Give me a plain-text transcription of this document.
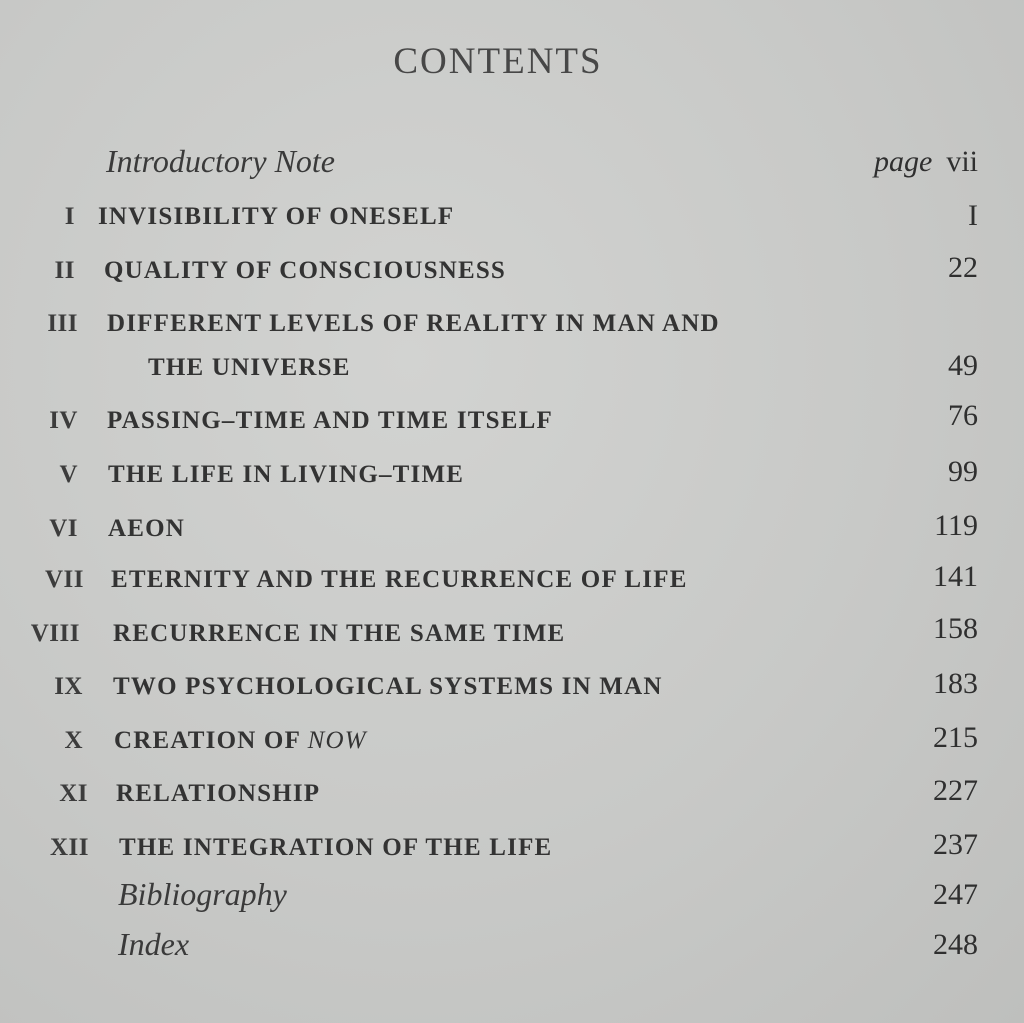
CONTENTS
Introductory Note	page vii
I INVISIBILITY OF ONESELF	I
II QUALITY OF CONSCIOUSNESS	22
III DIFFERENT LEVELS OF REALITY IN MAN AND
THE UNIVERSE	49
IV PASSING–TIME AND TIME ITSELF	76
V THE LIFE IN LIVING–TIME	99
VI AEON	119
VII ETERNITY AND THE RECURRENCE OF LIFE	141
VIII RECURRENCE IN THE SAME TIME	158
IX TWO PSYCHOLOGICAL SYSTEMS IN MAN	183
X CREATION OF NOW	215
XI RELATIONSHIP	227
XII THE INTEGRATION OF THE LIFE	237
Bibliography	247
Index	248
